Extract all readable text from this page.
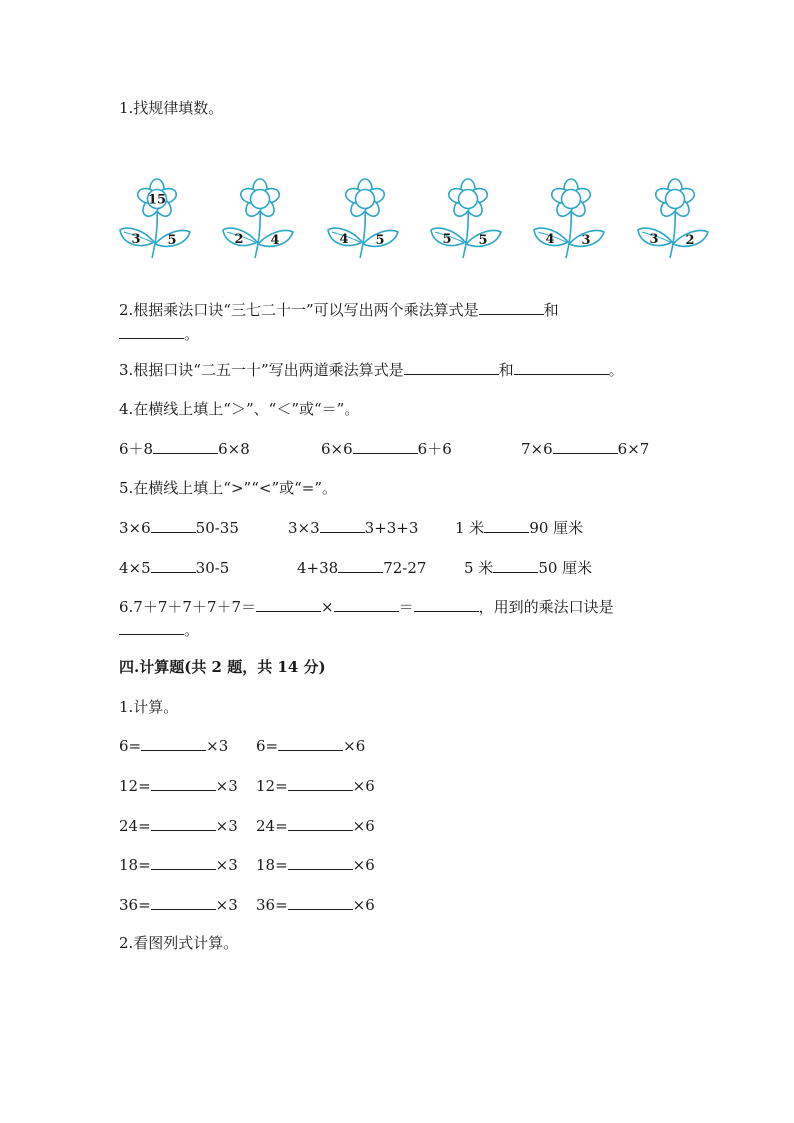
1.找规律填数。
15
3 5	2 4	4 5	5 5	4 3	3 2
2.根据乘法口诀“三七二十一”可以写出两个乘法算式是	和
。
3.根据口诀“二五一十”写出两道乘法算式是	和	。
4.在横线上填上“＞”、“＜”或“＝”。
6＋8	6×8	6×6	6＋6	7×6	6×7
5.在横线上填上“>”“<”或“=”。
3×6	50-35	3×3	3+3+3 1 米	90 厘米
4×5	30-5	4+38	72-27	5 米	50 厘米
6.7＋7＋7＋7＋7＝	×	＝	，用到的乘法口诀是
。
四.计算题(共 2 题，共 14 分)
1.计算。
6=	×3 6=	×6
12=	×3 12=	×6
24=	×3 24=	×6
18=	×3 18=	×6
36=	×3 36=	×6
2.看图列式计算。
